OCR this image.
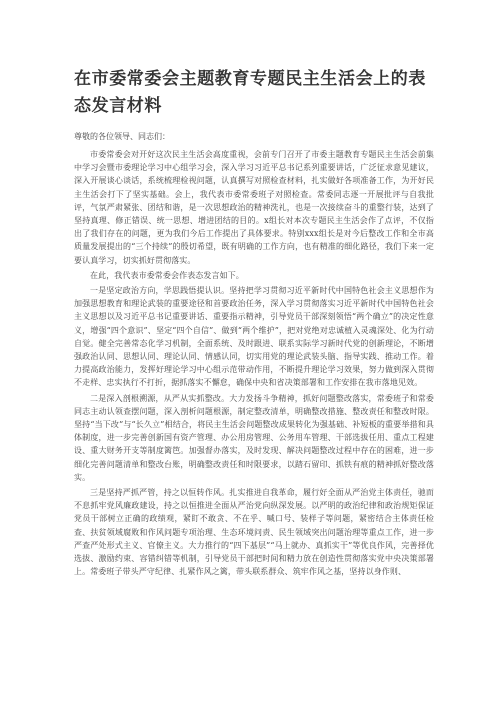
在市委常委会主题教育专题民主生活会上的表态发言材料

尊敬的各位领导、同志们：

市委常委会对开好这次民主生活会高度重视，会前专门召开了市委主题教育专题民主生活会前集中学习会暨市委理论学习中心组学习会，深入学习习近平总书记系列重要讲话，广泛征求意见建议，深入开展谈心谈话，系统梳理检视问题，认真撰写对照检查材料，扎实做好各项准备工作，为开好民主生活会打下了坚实基础。会上，我代表市委常委班子对照检查。常委同志逐一开展批评与自我批评，气氛严肃紧张、团结和谐，是一次思想政治的精神洗礼，也是一次接续奋斗的重整行装，达到了坚持真理、修正错误、统一思想、增进团结的目的。x组长对本次专题民主生活会作了点评，不仅指出了我们存在的问题，更为我们今后工作提出了具体要求。特别xxx组长是对今后整改工作和全市高质量发展提出的“三个持续”的殷切希望，既有明确的工作方向，也有精准的细化路径，我们下来一定要认真学习，切实抓好贯彻落实。

在此，我代表市委常委会作表态发言如下。

一是坚定政治方向，学思践悟提认识。坚持把学习贯彻习近平新时代中国特色社会主义思想作为加强思想教育和理论武装的重要途径和首要政治任务，深入学习贯彻落实习近平新时代中国特色社会主义思想以及习近平总书记重要讲话、重要指示精神，引导党员干部深刻领悟“两个确立”的决定性意义，增强“四个意识”、坚定“四个自信”、做到“两个维护”，把对党绝对忠诚植入灵魂深处、化为行动自觉。健全完善常态化学习机制，全面系统、及时跟进、联系实际学习新时代党的创新理论，不断增强政治认同、思想认同、理论认同、情感认同，切实用党的理论武装头脑、指导实践、推动工作。着力提高政治能力，发挥好理论学习中心组示范带动作用，不断提升理论学习效果，努力做到深入贯彻不走样、忠实执行不打折，据抓落实不懈怠，确保中央和省决策部署和工作安排在我市落地见效。

二是深入剖根溯源，从严从实抓整改。大力发扬斗争精神，抓好问题整改落实，常委班子和常委同志主动认领查摆问题，深入剖析问题根源，制定整改清单，明确整改措施、整改责任和整改时限。坚持“当下改”与“长久立”相结合，将民主生活会问题整改成果转化为强基础、补短板的重要举措和具体制度，进一步完善创新国有资产管理、办公用房管理、公务用车管理、干部选拔任用、重点工程建设、重大财务开支等制度篱笆。加强督办落实，及时发现、解决问题整改过程中存在的困难，进一步细化完善问题清单和整改台账，明确整改责任和时限要求，以踏石留印、抓铁有痕的精神抓好整改落实。

三是坚持严抓严管，持之以恒转作风。扎实推进自我革命，履行好全面从严治党主体责任，驰而不息抓牢党风廉政建设，持之以恒推进全面从严治党向纵深发展。以严明的政治纪律和政治规矩保证党员干部树立正确的政绩观，紧盯不敢贪、不在乎、喊口号、装样子等问题，紧密结合主体责任检查、扶贫领域腐败和作风问题专项治理、生态环境问责、民生领域突出问题治理等重点工作，进一步严查严处形式主义、官僚主义。大力推行的“四下基层”“马上就办、真抓实干”等优良作风，完善择优选拔、激励约束、容错纠错等机制，引导党员干部把时间和精力放在创造性贯彻落实党中央决策部署上。常委班子带头严守纪律、扎紧作风之篱，带头联系群众、筑牢作风之基，坚持以身作则、
